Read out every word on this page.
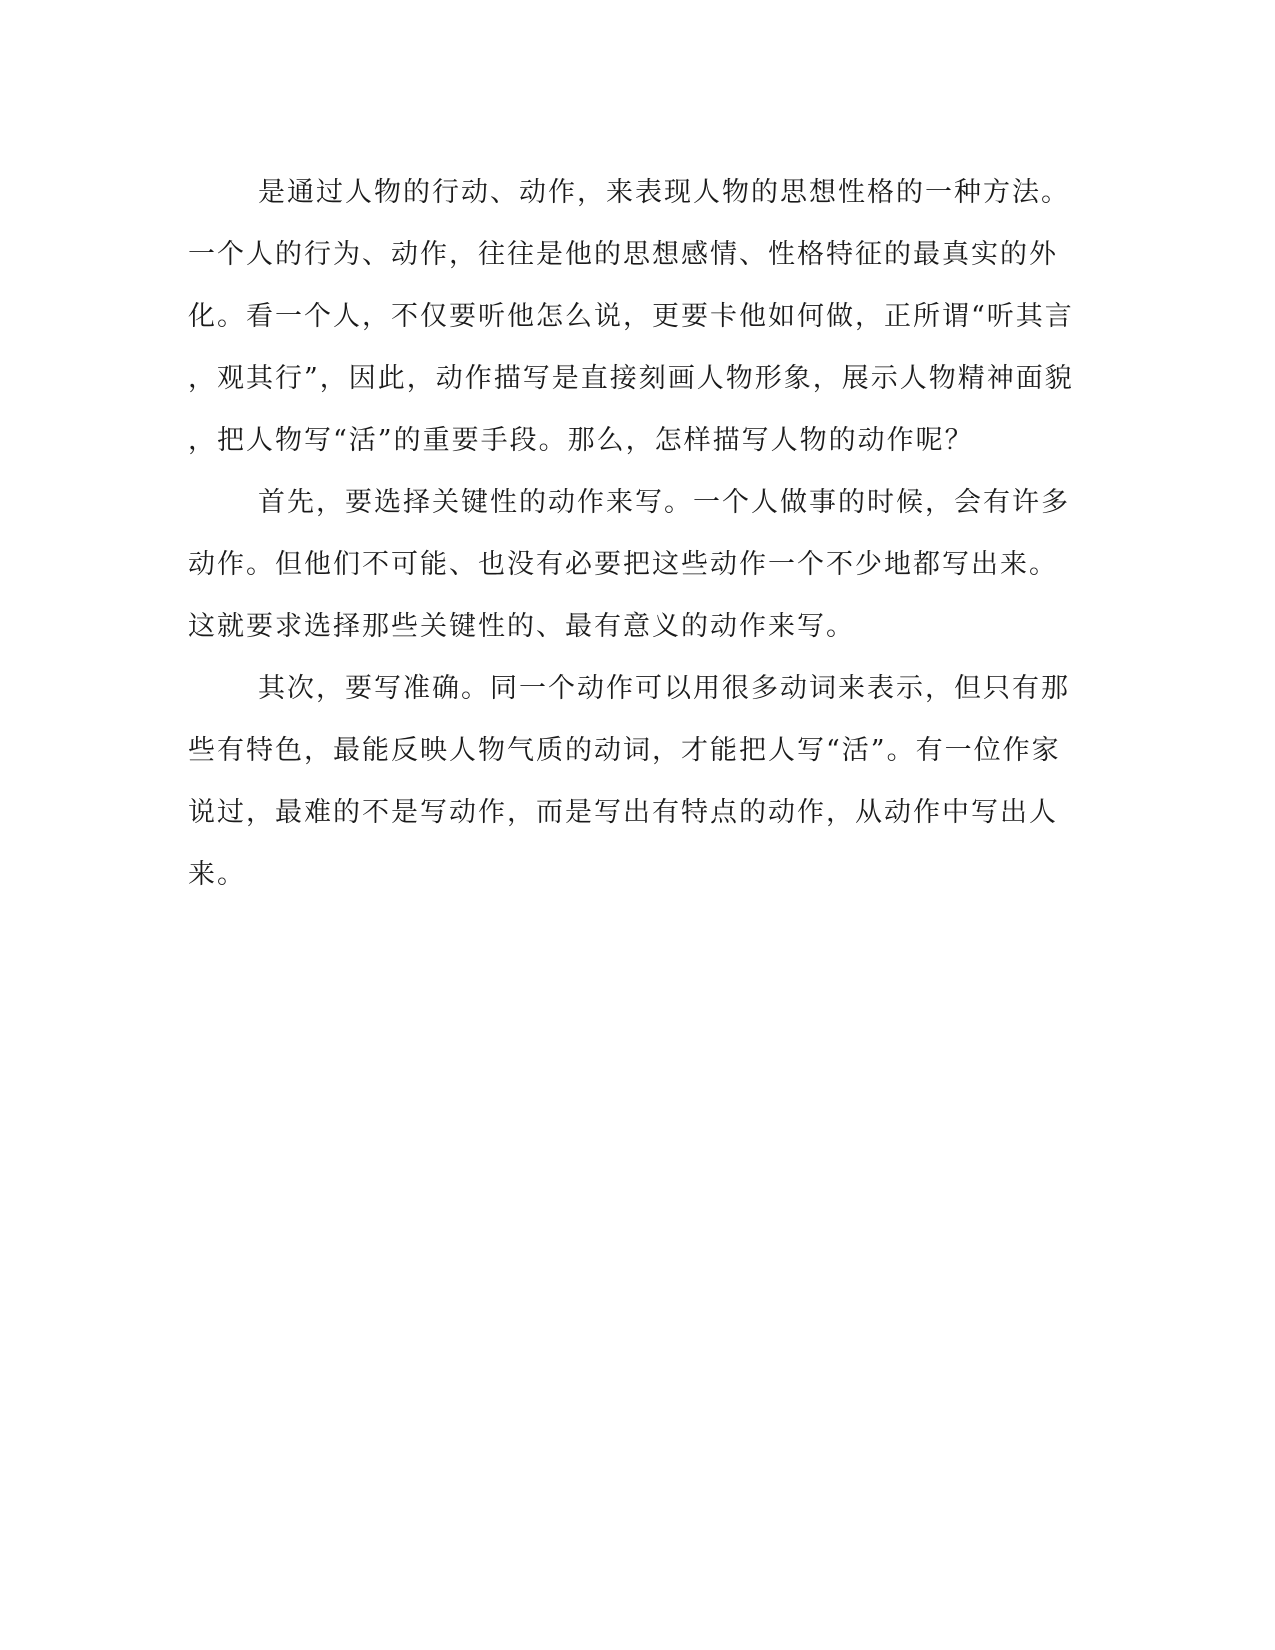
是通过人物的行动、动作，来表现人物的思想性格的一种方法。
一个人的行为、动作，往往是他的思想感情、性格特征的最真实的外
化。看一个人，不仅要听他怎么说，更要卡他如何做，正所谓“听其言
，观其行”，因此，动作描写是直接刻画人物形象，展示人物精神面貌
，把人物写“活”的重要手段。那么，怎样描写人物的动作呢？
首先，要选择关键性的动作来写。一个人做事的时候，会有许多
动作。但他们不可能、也没有必要把这些动作一个不少地都写出来。
这就要求选择那些关键性的、最有意义的动作来写。
其次，要写准确。同一个动作可以用很多动词来表示，但只有那
些有特色，最能反映人物气质的动词，才能把人写“活”。有一位作家
说过，最难的不是写动作，而是写出有特点的动作，从动作中写出人
来。
